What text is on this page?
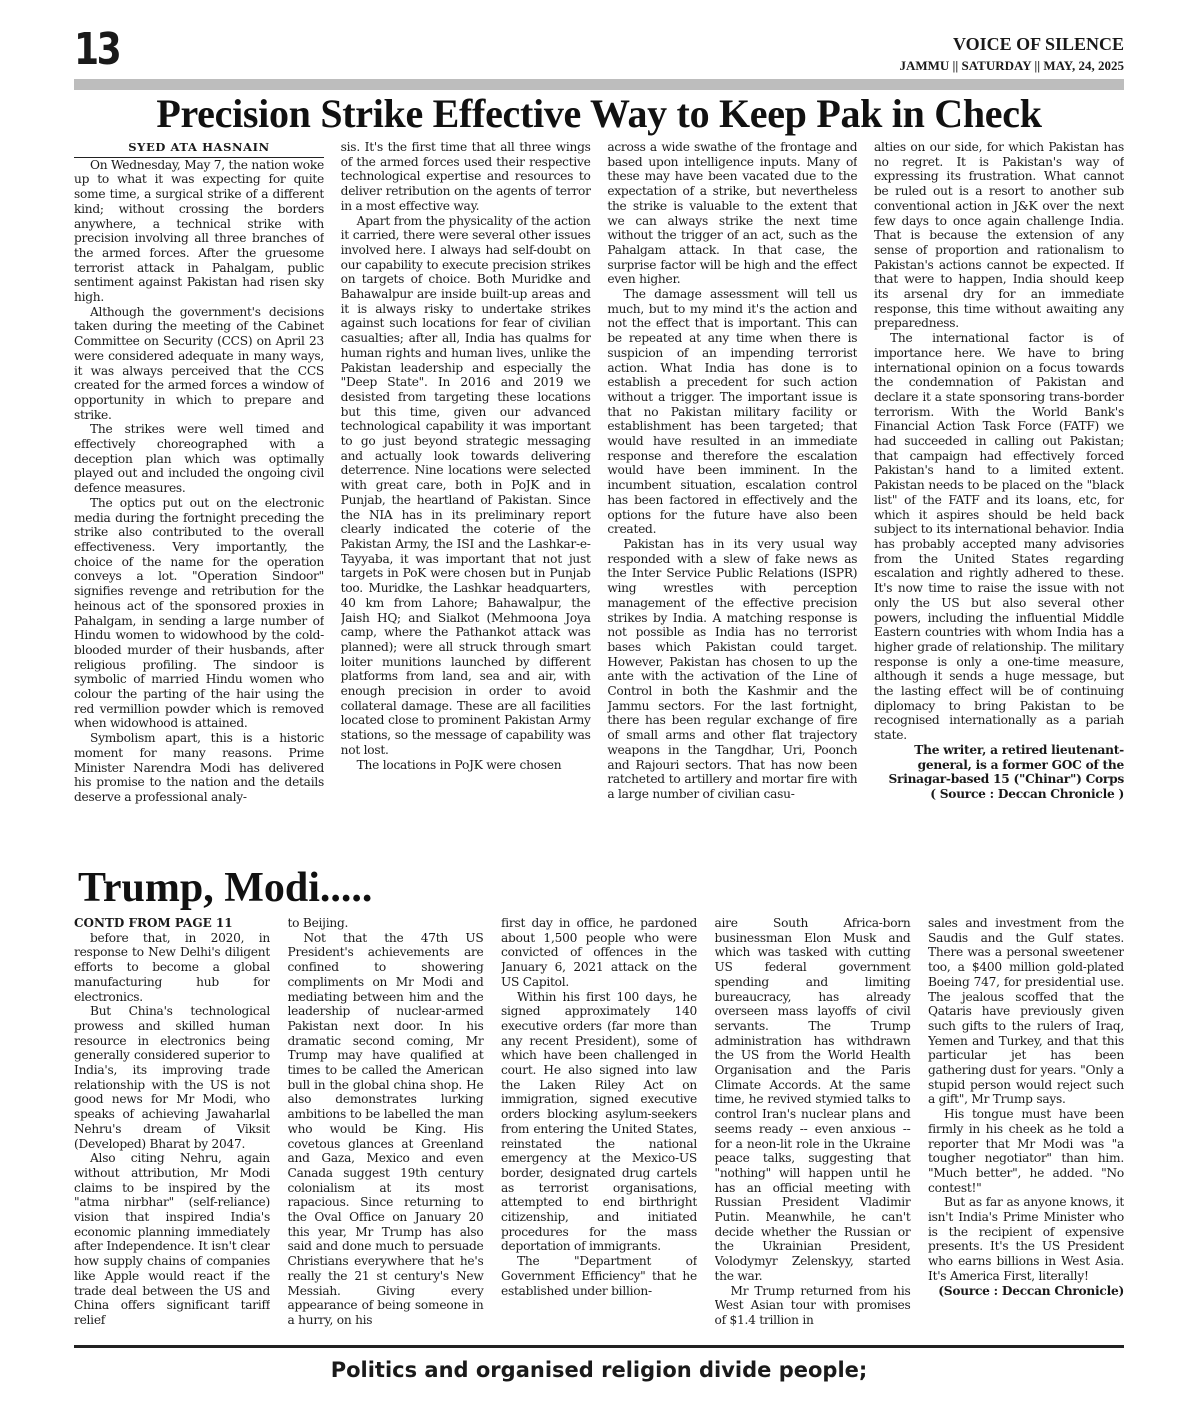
13	VOICE OF SILENCE
JAMMU || SATURDAY || MAY, 24, 2025
Precision Strike Effective Way to Keep Pak in Check

SYED ATA HASNAIN

On Wednesday, May 7, the nation woke up to what it was expecting for quite some time, a surgical strike of a different kind; without crossing the borders anywhere, a technical strike with precision involving all three branches of the armed forces. After the gruesome terrorist attack in Pahalgam, public sentiment against Pakistan had risen sky high.

Although the government's decisions taken during the meeting of the Cabinet Committee on Security (CCS) on April 23 were considered adequate in many ways, it was always perceived that the CCS created for the armed forces a window of opportunity in which to prepare and strike.

The strikes were well timed and effectively choreographed with a deception plan which was optimally played out and included the ongoing civil defence measures.

The optics put out on the electronic media during the fortnight preceding the strike also contributed to the overall effectiveness. Very importantly, the choice of the name for the operation conveys a lot. "Operation Sindoor" signifies revenge and retribution for the heinous act of the sponsored proxies in Pahalgam, in sending a large number of Hindu women to widowhood by the cold-blooded murder of their husbands, after religious profiling. The sindoor is symbolic of married Hindu women who colour the parting of the hair using the red vermillion powder which is removed when widowhood is attained.

Symbolism apart, this is a historic moment for many reasons. Prime Minister Narendra Modi has delivered his promise to the nation and the details deserve a professional analy-

sis. It's the first time that all three wings of the armed forces used their respective technological expertise and resources to deliver retribution on the agents of terror in a most effective way.

Apart from the physicality of the action it carried, there were several other issues involved here. I always had self-doubt on our capability to execute precision strikes on targets of choice. Both Muridke and Bahawalpur are inside built-up areas and it is always risky to undertake strikes against such locations for fear of civilian casualties; after all, India has qualms for human rights and human lives, unlike the Pakistan leadership and especially the "Deep State". In 2016 and 2019 we desisted from targeting these locations but this time, given our advanced technological capability it was important to go just beyond strategic messaging and actually look towards delivering deterrence. Nine locations were selected with great care, both in PoJK and in Punjab, the heartland of Pakistan. Since the NIA has in its preliminary report clearly indicated the coterie of the Pakistan Army, the ISI and the Lashkar-e- Tayyaba, it was important that not just targets in PoK were chosen but in Punjab too. Muridke, the Lashkar headquarters, 40 km from Lahore; Bahawalpur, the Jaish HQ; and Sialkot (Mehmoona Joya camp, where the Pathankot attack was planned); were all struck through smart loiter munitions launched by different platforms from land, sea and air, with enough precision in order to avoid collateral damage. These are all facilities located close to prominent Pakistan Army stations, so the message of capability was not lost.

The locations in PoJK were chosen

across a wide swathe of the frontage and based upon intelligence inputs. Many of these may have been vacated due to the expectation of a strike, but nevertheless the strike is valuable to the extent that we can always strike the next time without the trigger of an act, such as the Pahalgam attack. In that case, the surprise factor will be high and the effect even higher.

The damage assessment will tell us much, but to my mind it's the action and not the effect that is important. This can be repeated at any time when there is suspicion of an impending terrorist action. What India has done is to establish a precedent for such action without a trigger. The important issue is that no Pakistan military facility or establishment has been targeted; that would have resulted in an immediate response and therefore the escalation would have been imminent. In the incumbent situation, escalation control has been factored in effectively and the options for the future have also been created.

Pakistan has in its very usual way responded with a slew of fake news as the Inter Service Public Relations (ISPR) wing wrestles with perception management of the effective precision strikes by India. A matching response is not possible as India has no terrorist bases which Pakistan could target. However, Pakistan has chosen to up the ante with the activation of the Line of Control in both the Kashmir and the Jammu sectors. For the last fortnight, there has been regular exchange of fire of small arms and other flat trajectory weapons in the Tangdhar, Uri, Poonch and Rajouri sectors. That has now been ratcheted to artillery and mortar fire with a large number of civilian casu-

alties on our side, for which Pakistan has no regret. It is Pakistan's way of expressing its frustration. What cannot be ruled out is a resort to another sub conventional action in J&K over the next few days to once again challenge India. That is because the extension of any sense of proportion and rationalism to Pakistan's actions cannot be expected. If that were to happen, India should keep its arsenal dry for an immediate response, this time without awaiting any preparedness.

The international factor is of importance here. We have to bring international opinion on a focus towards the condemnation of Pakistan and declare it a state sponsoring trans-border terrorism. With the World Bank's Financial Action Task Force (FATF) we had succeeded in calling out Pakistan; that campaign had effectively forced Pakistan's hand to a limited extent. Pakistan needs to be placed on the "black list" of the FATF and its loans, etc, for which it aspires should be held back subject to its international behavior. India has probably accepted many advisories from the United States regarding escalation and rightly adhered to these. It's now time to raise the issue with not only the US but also several other powers, including the influential Middle Eastern countries with whom India has a higher grade of relationship. The military response is only a one-time measure, although it sends a huge message, but the lasting effect will be of continuing diplomacy to bring Pakistan to be recognised internationally as a pariah state.

The writer, a retired lieutenant-general, is a former GOC of the Srinagar-based 15 ("Chinar") Corps

( Source : Deccan Chronicle )

Trump, Modi.....

CONTD FROM PAGE 11

before that, in 2020, in response to New Delhi's diligent efforts to become a global manufacturing hub for electronics.

But China's technological prowess and skilled human resource in electronics being generally considered superior to India's, its improving trade relationship with the US is not good news for Mr Modi, who speaks of achieving Jawaharlal Nehru's dream of Viksit (Developed) Bharat by 2047.

Also citing Nehru, again without attribution, Mr Modi claims to be inspired by the "atma nirbhar" (self-reliance) vision that inspired India's economic planning immediately after Independence. It isn't clear how supply chains of companies like Apple would react if the trade deal between the US and China offers significant tariff relief

to Beijing.

Not that the 47th US President's achievements are confined to showering compliments on Mr Modi and mediating between him and the leadership of nuclear-armed Pakistan next door. In his dramatic second coming, Mr Trump may have qualified at times to be called the American bull in the global china shop. He also demonstrates lurking ambitions to be labelled the man who would be King. His covetous glances at Greenland and Gaza, Mexico and even Canada suggest 19th century colonialism at its most rapacious. Since returning to the Oval Office on January 20 this year, Mr Trump has also said and done much to persuade Christians everywhere that he's really the 21 st century's New Messiah. Giving every appearance of being someone in a hurry, on his

first day in office, he pardoned about 1,500 people who were convicted of offences in the January 6, 2021 attack on the US Capitol.

Within his first 100 days, he signed approximately 140 executive orders (far more than any recent President), some of which have been challenged in court. He also signed into law the Laken Riley Act on immigration, signed executive orders blocking asylum-seekers from entering the United States, reinstated the national emergency at the Mexico-US border, designated drug cartels as terrorist organisations, attempted to end birthright citizenship, and initiated procedures for the mass deportation of immigrants.

The "Department of Government Efficiency" that he established under billion-

aire South Africa-born businessman Elon Musk and which was tasked with cutting US federal government spending and limiting bureaucracy, has already overseen mass layoffs of civil servants. The Trump administration has withdrawn the US from the World Health Organisation and the Paris Climate Accords. At the same time, he revived stymied talks to control Iran's nuclear plans and seems ready -- even anxious -- for a neon-lit role in the Ukraine peace talks, suggesting that "nothing" will happen until he has an official meeting with Russian President Vladimir Putin. Meanwhile, he can't decide whether the Russian or the Ukrainian President, Volodymyr Zelenskyy, started the war.

Mr Trump returned from his West Asian tour with promises of $1.4 trillion in

sales and investment from the Saudis and the Gulf states. There was a personal sweetener too, a $400 million gold-plated Boeing 747, for presidential use. The jealous scoffed that the Qataris have previously given such gifts to the rulers of Iraq, Yemen and Turkey, and that this particular jet has been gathering dust for years. "Only a stupid person would reject such a gift", Mr Trump says.

His tongue must have been firmly in his cheek as he told a reporter that Mr Modi was "a tougher negotiator" than him. "Much better", he added. "No contest!"

But as far as anyone knows, it isn't India's Prime Minister who is the recipient of expensive presents. It's the US President who earns billions in West Asia. It's America First, literally!

(Source : Deccan Chronicle)

Politics and organised religion divide people;
